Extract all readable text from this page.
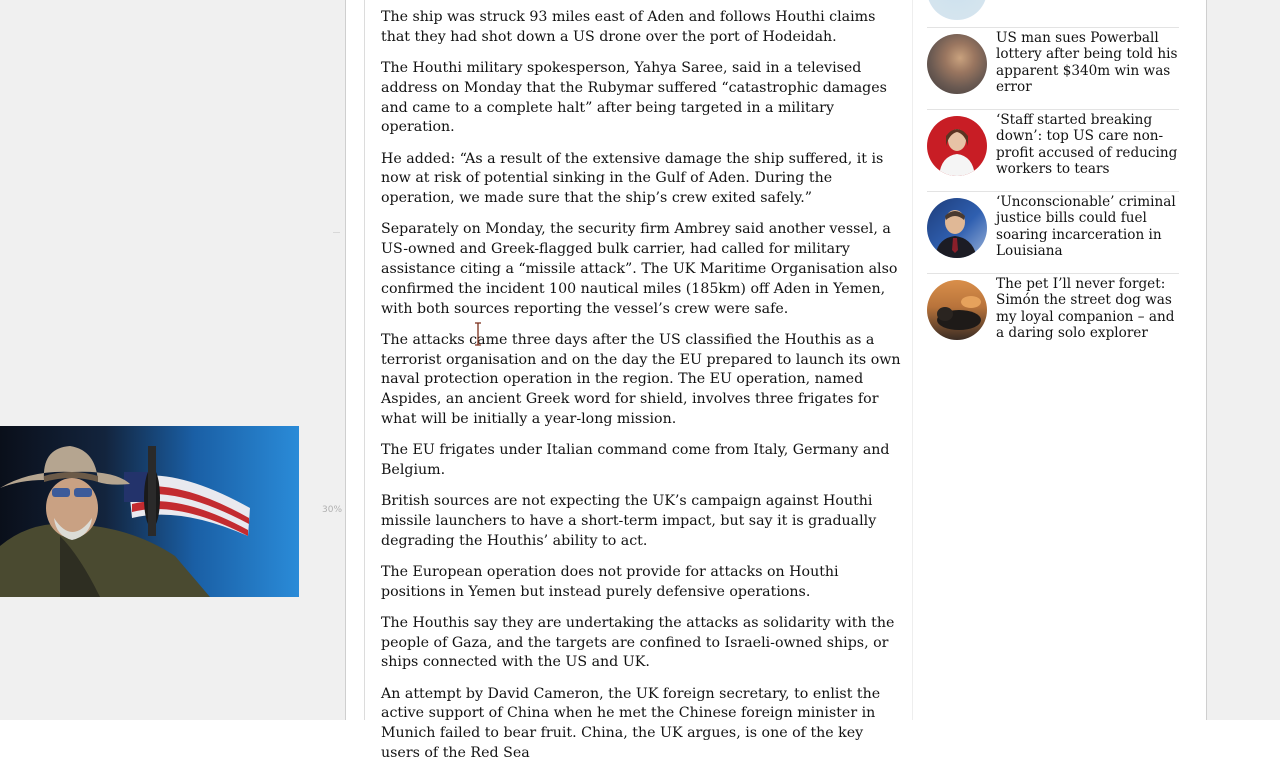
30%

The ship was struck 93 miles east of Aden and follows Houthi claims that they had shot down a US drone over the port of Hodeidah.

The Houthi military spokesperson, Yahya Saree, said in a televised address on Monday that the Rubymar suffered “catastrophic damages and came to a complete halt” after being targeted in a military operation.

He added: “As a result of the extensive damage the ship suffered, it is now at risk of potential sinking in the Gulf of Aden. During the operation, we made sure that the ship’s crew exited safely.”

Separately on Monday, the security firm Ambrey said another vessel, a US-owned and Greek-flagged bulk carrier, had called for military assistance citing a “missile attack”. The UK Maritime Organisation also confirmed the incident 100 nautical miles (185km) off Aden in Yemen, with both sources reporting the vessel’s crew were safe.

The attacks came three days after the US classified the Houthis as a terrorist organisation and on the day the EU prepared to launch its own naval protection operation in the region. The EU operation, named Aspides, an ancient Greek word for shield, involves three frigates for what will be initially a year-long mission.

The EU frigates under Italian command come from Italy, Germany and Belgium.

British sources are not expecting the UK’s campaign against Houthi missile launchers to have a short-term impact, but say it is gradually degrading the Houthis’ ability to act.

The European operation does not provide for attacks on Houthi positions in Yemen but instead purely defensive operations.

The Houthis say they are undertaking the attacks as solidarity with the people of Gaza, and the targets are confined to Israeli-owned ships, or ships connected with the US and UK.

An attempt by David Cameron, the UK foreign secretary, to enlist the active support of China when he met the Chinese foreign minister in Munich failed to bear fruit. China, the UK argues, is one of the key users of the Red Sea

US man sues Powerball lottery after being told his apparent $340m win was error
‘Staff started breaking down’: top US care non-profit accused of reducing workers to tears
‘Unconscionable’ criminal justice bills could fuel soaring incarceration in Louisiana
The pet I’ll never forget: Simón the street dog was my loyal companion – and a daring solo explorer
